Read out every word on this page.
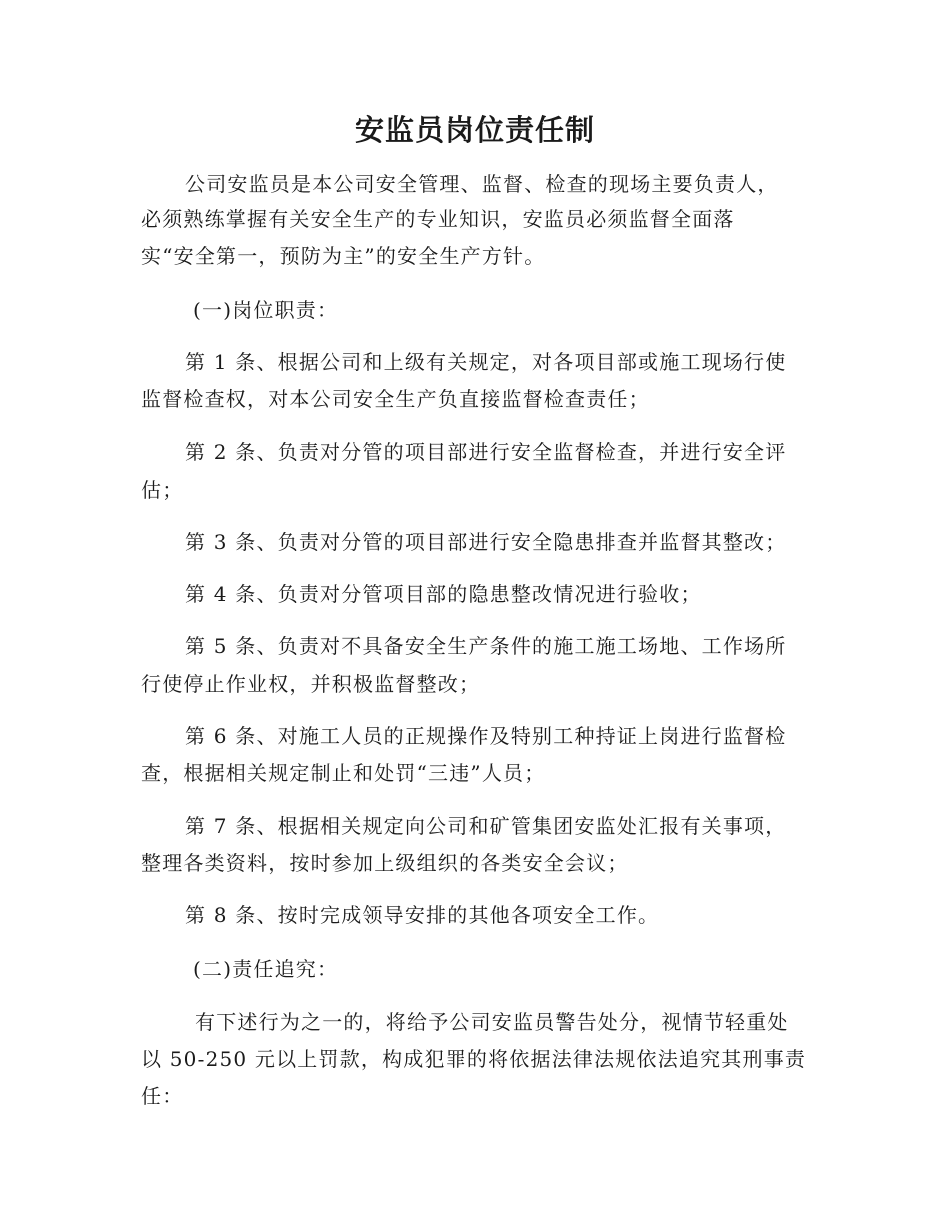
安监员岗位责任制

公司安监员是本公司安全管理、监督、检查的现场主要负责人，

必须熟练掌握有关安全生产的专业知识，安监员必须监督全面落

实“安全第一，预防为主”的安全生产方针。

(一)岗位职责：

第 1 条、根据公司和上级有关规定，对各项目部或施工现场行使

监督检查权，对本公司安全生产负直接监督检查责任；

第 2 条、负责对分管的项目部进行安全监督检查，并进行安全评

估；

第 3 条、负责对分管的项目部进行安全隐患排查并监督其整改；

第 4 条、负责对分管项目部的隐患整改情况进行验收；

第 5 条、负责对不具备安全生产条件的施工施工场地、工作场所

行使停止作业权，并积极监督整改；

第 6 条、对施工人员的正规操作及特别工种持证上岗进行监督检

查，根据相关规定制止和处罚“三违”人员；

第 7 条、根据相关规定向公司和矿管集团安监处汇报有关事项，

整理各类资料，按时参加上级组织的各类安全会议；

第 8 条、按时完成领导安排的其他各项安全工作。

(二)责任追究：

有下述行为之一的，将给予公司安监员警告处分，视情节轻重处

以 50-250 元以上罚款，构成犯罪的将依据法律法规依法追究其刑事责

任：
